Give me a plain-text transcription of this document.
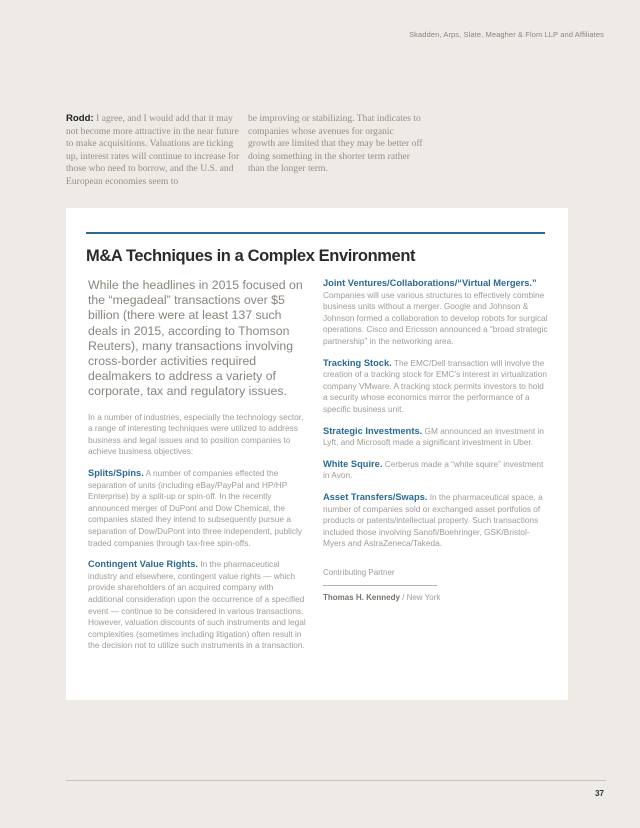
Skadden, Arps, Slate, Meagher & Flom LLP and Affiliates
Rodd: I agree, and I would add that it may not become more attractive in the near future to make acquisitions. Valuations are ticking up, interest rates will continue to increase for those who need to borrow, and the U.S. and European economies seem to
be improving or stabilizing. That indicates to companies whose avenues for organic growth are limited that they may be better off doing something in the shorter term rather than the longer term.
M&A Techniques in a Complex Environment
While the headlines in 2015 focused on the “megadeal” transactions over $5 billion (there were at least 137 such deals in 2015, according to Thomson Reuters), many transactions involving cross-border activities required dealmakers to address a variety of corporate, tax and regulatory issues.
In a number of industries, especially the technology sector, a range of interesting techniques were utilized to address business and legal issues and to position companies to achieve business objectives:
Splits/Spins. A number of companies effected the separation of units (including eBay/PayPal and HP/HP Enterprise) by a split-up or spin-off. In the recently announced merger of DuPont and Dow Chemical, the companies stated they intend to subsequently pursue a separation of Dow/DuPont into three independent, publicly traded companies through tax-free spin-offs.
Contingent Value Rights. In the pharmaceutical industry and elsewhere, contingent value rights — which provide shareholders of an acquired company with additional consideration upon the occurrence of a specified event — continue to be considered in various transactions. However, valuation discounts of such instruments and legal complexities (sometimes including litigation) often result in the decision not to utilize such instruments in a transaction.
Joint Ventures/Collaborations/“Virtual Mergers.” Companies will use various structures to effectively combine business units without a merger. Google and Johnson & Johnson formed a collaboration to develop robots for surgical operations. Cisco and Ericsson announced a “broad strategic partnership” in the networking area.
Tracking Stock. The EMC/Dell transaction will involve the creation of a tracking stock for EMC’s interest in virtualization company VMware. A tracking stock permits investors to hold a security whose economics mirror the performance of a specific business unit.
Strategic Investments. GM announced an investment in Lyft, and Microsoft made a significant investment in Uber.
White Squire. Cerberus made a “white squire” investment in Avon.
Asset Transfers/Swaps. In the pharmaceutical space, a number of companies sold or exchanged asset portfolios of products or patents/intellectual property. Such transactions included those involving Sanofi/Boehringer, GSK/Bristol-Myers and AstraZeneca/Takeda.
Contributing Partner
Thomas H. Kennedy / New York
37
